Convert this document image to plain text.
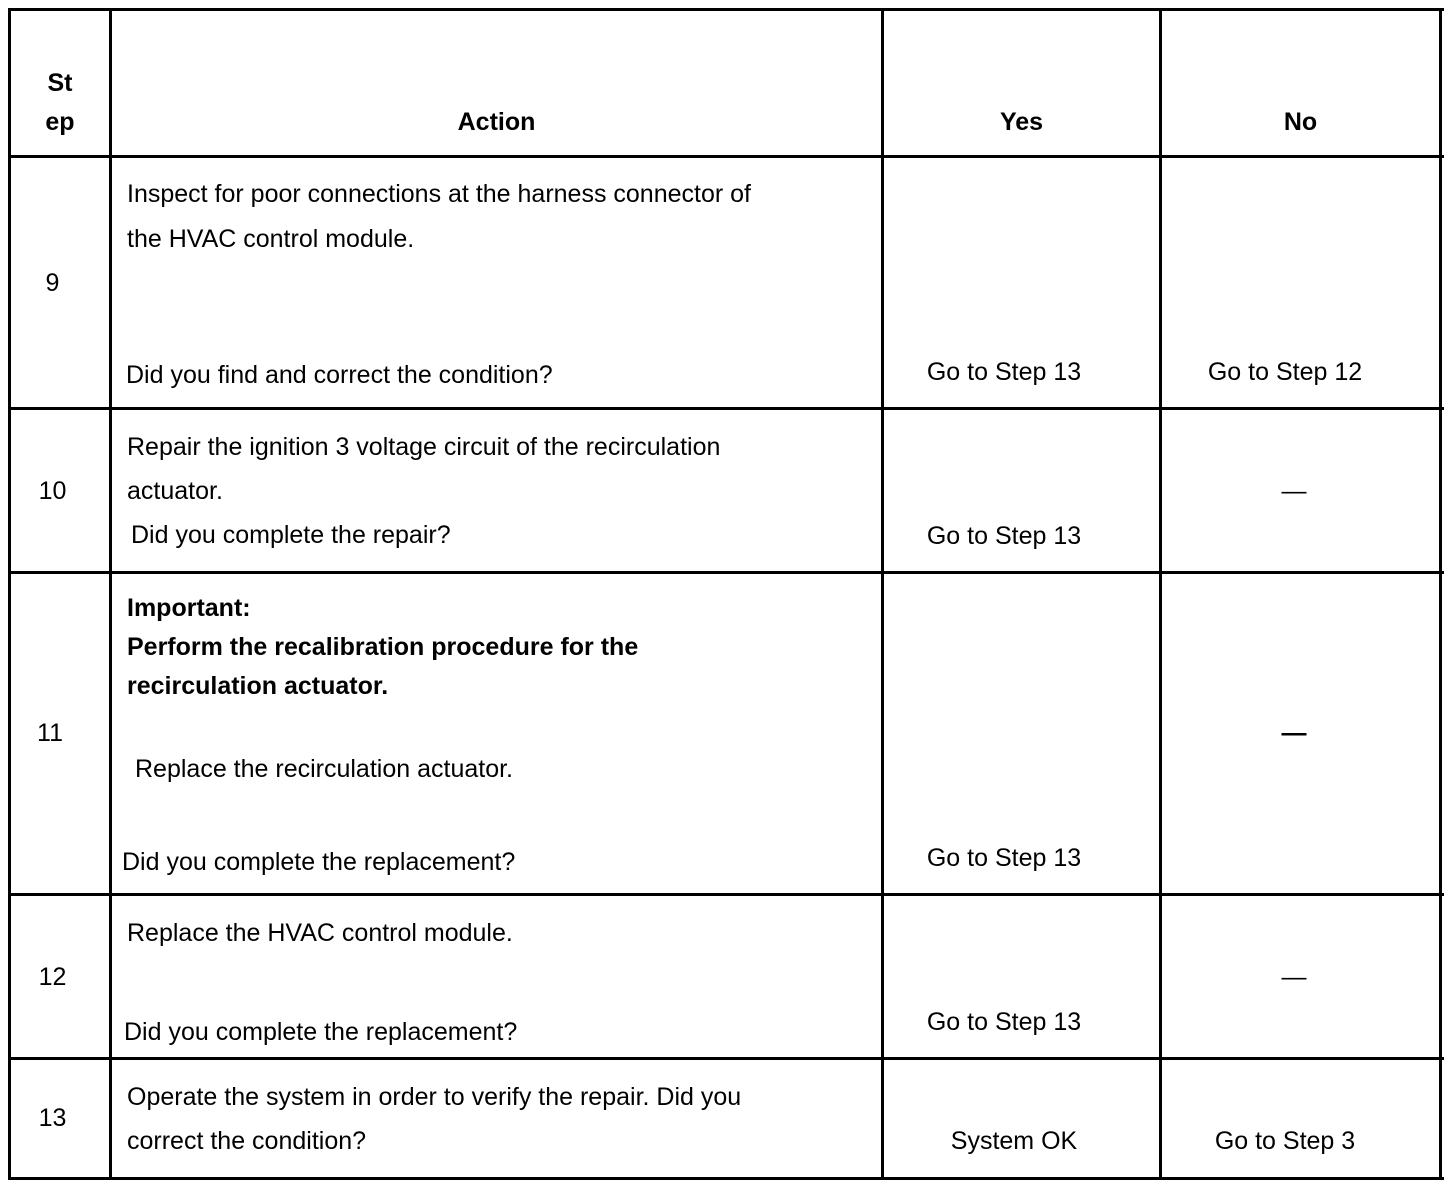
St
ep	Action	Yes	No
9
Inspect for poor connections at the harness connector of
the HVAC control module.
Did you find and correct the condition?	Go to Step 13	Go to Step 12
10
Repair the ignition 3 voltage circuit of the recirculation
actuator.
Did you complete the repair?	Go to Step 13
—
11
Important:
Perform the recalibration procedure for the
recirculation actuator.
Replace the recirculation actuator.
Did you complete the replacement?	Go to Step 13
—
12
Replace the HVAC control module.
Did you complete the replacement?	Go to Step 13
—
13
Operate the system in order to verify the repair. Did you
correct the condition?	System OK	Go to Step 3
